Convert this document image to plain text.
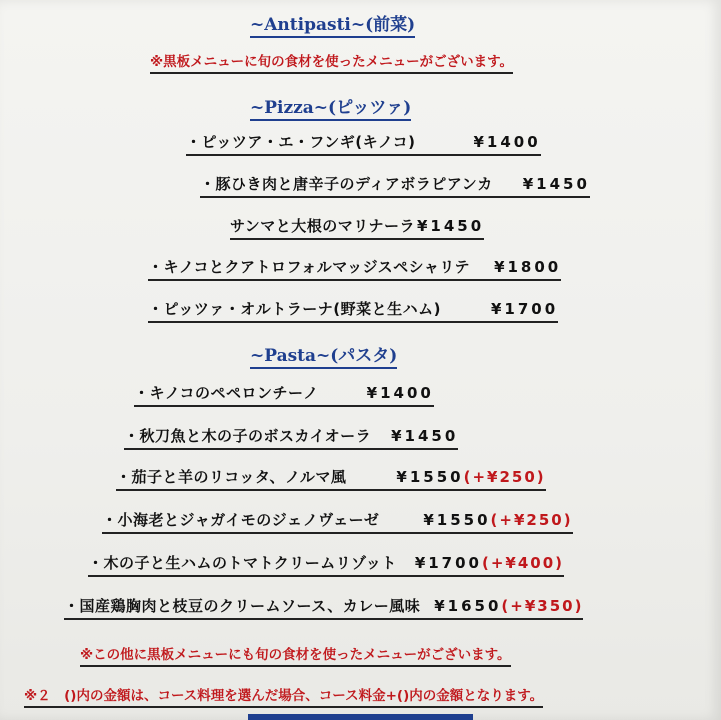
~Antipasti~(前菜)
※黒板メニューに旬の食材を使ったメニューがございます。
~Pizza~(ピッツァ)
・ピッツア・エ・フンギ(キノコ)	¥1400
・豚ひき肉と唐辛子のディアボラピアンカ ¥1450
サンマと大根のマリナーラ ¥1450
・キノコとクアトロフォルマッジスペシャリテ ¥1800
・ピッツァ・オルトラーナ(野菜と生ハム)	¥1700
~Pasta~(パスタ)
・キノコのペペロンチーノ	¥1400
・秋刀魚と木の子のボスカイオーラ ¥1450
・茄子と羊のリコッタ、ノルマ風	¥1550(+¥250)
・小海老とジャガイモのジェノヴェーゼ	¥1550(+¥250)
・木の子と生ハムのトマトクリームリゾット ¥1700(+¥400)
・国産鶏胸肉と枝豆のクリームソース、カレー風味 ¥1650(+¥350)
※この他に黒板メニューにも旬の食材を使ったメニューがございます。
※２　()内の金額は、コース料理を選んだ場合、コース料金+()内の金額となります。
